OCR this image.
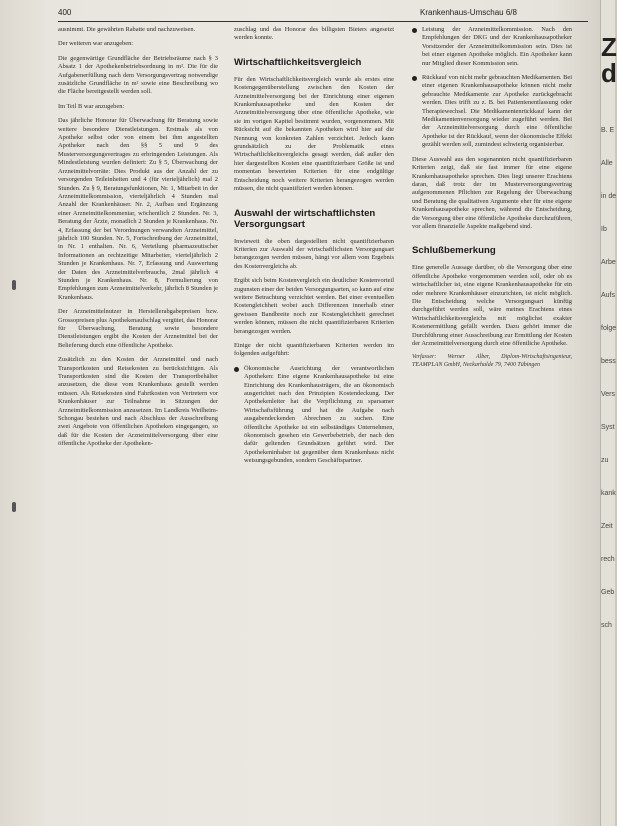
400	Krankenhaus-Umschau 6/8

ausnimmt. Die gewährten Rabatte und nachzuweisen.

Der weiteren war anzugeben:

Die gegenwärtige Grundfläche der Betriebsräume nach § 3 Absatz 1 der Apothekenbetriebsordnung in m². Die für die Aufgabenerfüllung nach dem Versorgungsvertrag notwendige zusätzliche Grundfläche in m² sowie eine Beschreibung wo die Fläche bereitgestellt werden soll.

Im Teil B war anzugeben:

Das jährliche Honorar für Überwachung für Beratung sowie weitere besondere Dienstleistungen. Erstmals als von Apotheke selbst oder von einem bei ihm angestellten Apotheker nach den §§ 5 und 9 des Musterversorgungsvertrages zu erbringenden Leistungen. Als Mindestleistung wurden definiert: Zu § 5, Überwachung der Arzneimittelvorräte: Dies Produkt aus der Anzahl der zu versorgenden Teileinheiten und 4 (für vierteljährlich) mal 2 Stunden. Zu § 9, Beratungsfunktionen, Nr. 1, Mitarbeit in der Arzneimittelkommission, vierteljährlich 4 Stunden mal Anzahl der Krankenhäuser. Nr. 2, Aufbau und Ergänzung einer Arzneimittelkommentar, wöchentlich 2 Stunden. Nr. 3, Beratung der Ärzte, monatlich 2 Stunden je Krankenhaus. Nr. 4, Erfassung der bei Verordnungen verwandten Arzneimittel, jährlich 100 Stunden. Nr. 5, Fortschreibung der Arzneimittel, in Nr. 1 enthalten. Nr. 6, Verteilung pharmazeutischer Informationen an rechtzeitige Mitarbeiter, vierteljährlich 2 Stunden je Krankenhaus. Nr. 7, Erfassung und Auswertung der Daten des Arzneimittelverbrauchs, 2mal jährlich 4 Stunden je Krankenhaus. Nr. 8, Formulierung von Empfehlungen zum Arzneimittelverkehr, jährlich 8 Stunden je Krankenhaus.

Der Arzneimittelnutzer in Herstellerabgabepreisen bzw. Grossopreisen plus Apothekenaufschlag vergütet, das Honorar für Überwachung, Beratung sowie besondere Dienstleistungen ergibt die Kosten der Arzneimittel bei der Belieferung durch eine öffentliche Apotheke.

Zusätzlich zu den Kosten der Arzneimittel und nach Transportkosten und Reisekosten zu berücksichtigen. Als Transportkosten sind die Kosten der Transportbehälter anzusetzen, die diese vom Krankenhaus gestellt werden müssen. Als Reisekosten sind Fahrtkosten von Vertretern vor Krankenhäuser zur Teilnahme in Sitzungen der Arzneimittelkommission anzusetzen. Im Landkreis Weilheim-Schongau bestehen und nach Abschluss der Ausschreibung zwei Angebote von öffentlichen Apotheken eingegangen, so daß für die Kosten der Arzneimittelversorgung über eine öffentliche Apotheke der Apotheken-

zuschlag und das Honorar des billigsten Bieters angesetzt werden konnte.

Wirtschaftlichkeitsvergleich

Für den Wirtschaftlichkeitsvergleich wurde als erstes eine Kostengegenüberstellung zwischen den Kosten der Arzneimittelversorgung bei der Einrichtung einer eigenen Krankenhausapotheke und den Kosten der Arzneimittelversorgung über eine öffentliche Apotheke, wie sie im vorigen Kapitel bestimmt wurden, vorgenommen. Mit Rücksicht auf die bekannten Apotheken wird hier auf die Nennung von konkreten Zahlen verzichtet. Jedoch kann grundsätzlich zu der Problematik eines Wirtschaftlichkeitsvergleichs gesagt werden, daß außer den hier dargestellten Kosten eine quantifizierbare Größe ist und momentan bewerteten Kriterien für eine endgültige Entscheidung noch weitere Kriterien herangezogen werden müssen, die nicht quantifiziert werden können.

Auswahl der wirtschaftlichsten Versorgungsart

Inwieweit die oben dargestellten nicht quantifizierbaren Kriterien zur Auswahl der wirtschaftlichsten Versorgungsart herangezogen werden müssen, hängt vor allem vom Ergebnis des Kostenvergleichs ab.

Ergibt sich beim Kostenvergleich ein deutlicher Kostenvorteil zugunsten einer der beiden Versorgungsarten, so kann auf eine weitere Betrachtung verzichtet werden. Bei einer eventuellen Kostengleichheit wobei auch Differenzen innerhalb einer gewissen Bandbreite noch zur Kostengleichheit gerechnet werden können, müssen die nicht quantifizierbaren Kriterien herangezogen werden.

Einige der nicht quantifizierbaren Kriterien werden im folgenden aufgeführt:

Ökonomische Ausrichtung der verantwortlichen Apotheken: Eine eigene Krankenhausapotheke ist eine Einrichtung des Krankenhausträgers, die an ökonomisch ausgerichtet nach den Prinzipien Kostendeckung. Der Apothekenleiter hat die Verpflichtung zu sparsamer Wirtschaftsführung und hat die Aufgabe nach ausgabendeckenden Abrechnen zu suchen. Eine öffentliche Apotheke ist ein selbständiges Unternehmen, ökonomisch gesehen ein Gewerbebetrieb, der nach den dafür geltenden Grundsätzen geführt wird. Der Apothekeninhaber ist gegenüber dem Krankenhaus nicht weisungsgebunden, sondern Geschäftspartner.
Leistung der Arzneimittelkommission. Nach den Empfehlungen der DKG und der Krankenhausapotheker Vorsitzender der Arzneimittelkommission sein. Dies ist bei einer eigenen Apotheke möglich. Ein Apotheker kann nur Mitglied dieser Kommission sein.
Rückkauf von nicht mehr gebrauchten Medikamenten. Bei einer eigenen Krankenhausapotheke können nicht mehr gebrauchte Medikamente zur Apotheke zurückgebracht werden. Dies trifft zu z. B. bei Patientenentlassung oder Therapiewechsel. Die Medikamentenrückkauf kann der Medikamentenversorgung wieder zugeführt werden. Bei der Arzneimittelversorgung durch eine öffentliche Apotheke ist der Rückkauf, wenn der ökonomische Effekt gezählt werden soll, zumindest schwierig organisierbar.

Diese Auswahl aus den sogenannten nicht quantifizierbaren Kriterien zeigt, daß sie fast immer für eine eigene Krankenhausapotheke sprechen. Dies liegt unserer Erachtens daran, daß trotz der im Musterversorgungsvertrag aufgenommenen Pflichten zur Regelung der Überwachung und Beratung die qualitativen Argumente eher für eine eigene Krankenhausapotheke sprechen, während die Entscheidung, die Versorgung über eine öffentliche Apotheke durchzuführen, vor allem finanzielle Aspekte maßgebend sind.

Schlußbemerkung

Eine generelle Aussage darüber, ob die Versorgung über eine öffentliche Apotheke vorgenommen werden soll, oder ob es wirtschaftlicher ist, eine eigene Krankenhausapotheke für ein oder mehrere Krankenhäuser einzurichten, ist nicht möglich. Die Entscheidung welche Versorgungsart künftig durchgeführt werden soll, wäre meines Erachtens eines Wirtschaftlichkeitsvergleichs mit möglichst exakter Kostenermittlung gefällt werden. Dazu gehört immer die Durchführung einer Ausschreibung zur Ermittlung der Kosten der Arzneimittelversorgung durch eine öffentliche Apotheke.

Verfasser: Werner Alber, Diplom-Wirtschaftsingenieur, TEAMPLAN GmbH, Neckarhalde 79, 7400 Tübingen

Z
d
B. E
Alle
in de
Ib
Arbe
Aufs
folge
bess
Vers
Syst
zu
kank
Zeit
rech
Geb
sch
